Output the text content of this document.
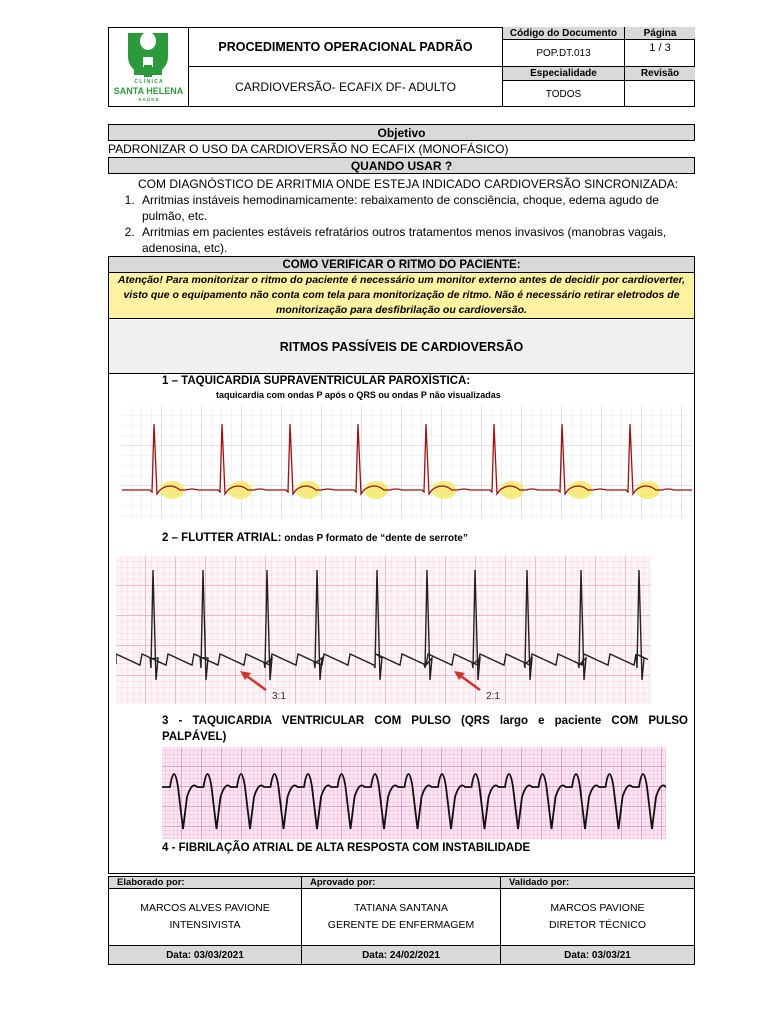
C L Í N I C A
SANTA HELENA
S A Ú D E
PROCEDIMENTO OPERACIONAL PADRÃO
CARDIOVERSÃO- ECAFIX DF- ADULTO
Código do Documento	Página
POP.DT.013	1 / 3
Especialidade	Revisão
TODOS
Objetivo
PADRONIZAR O USO DA CARDIOVERSÃO NO ECAFIX (MONOFÁSICO)
QUANDO USAR ?
COM DIAGNÓSTICO DE ARRITMIA ONDE ESTEJA INDICADO CARDIOVERSÃO SINCRONIZADA:
1. Arritmias instáveis hemodinamicamente: rebaixamento de consciência, choque, edema agudo de pulmão, etc.
2. Arritmias em pacientes estáveis refratários outros tratamentos menos invasivos (manobras vagais, adenosina, etc).
COMO VERIFICAR O RITMO DO PACIENTE:
Atenção! Para monitorizar o ritmo do paciente é necessário um monitor externo antes de decidir por cardioverter, visto que o equipamento não conta com tela para monitorização de ritmo. Não é necessário retirar eletrodos de monitorização para desfibrilação ou cardioversão.
RITMOS PASSÍVEIS DE CARDIOVERSÃO
1 – TAQUICARDIA SUPRAVENTRICULAR PAROXÍSTICA:
taquicardia com ondas P após o QRS ou ondas P não visualizadas
2 – FLUTTER ATRIAL: ondas P formato de “dente de serrote”
3:1	2:1
3 - TAQUICARDIA VENTRICULAR COM PULSO (QRS largo e paciente COM PULSO PALPÁVEL)
4 - FIBRILAÇÃO ATRIAL DE ALTA RESPOSTA COM INSTABILIDADE
Elaborado por:	Aprovado por:	Validado por:
MARCOS ALVES PAVIONE
INTENSIVISTA
TATIANA SANTANA
GERENTE DE ENFERMAGEM
MARCOS PAVIONE
DIRETOR TÉCNICO
Data: 03/03/2021	Data: 24/02/2021	Data: 03/03/21
